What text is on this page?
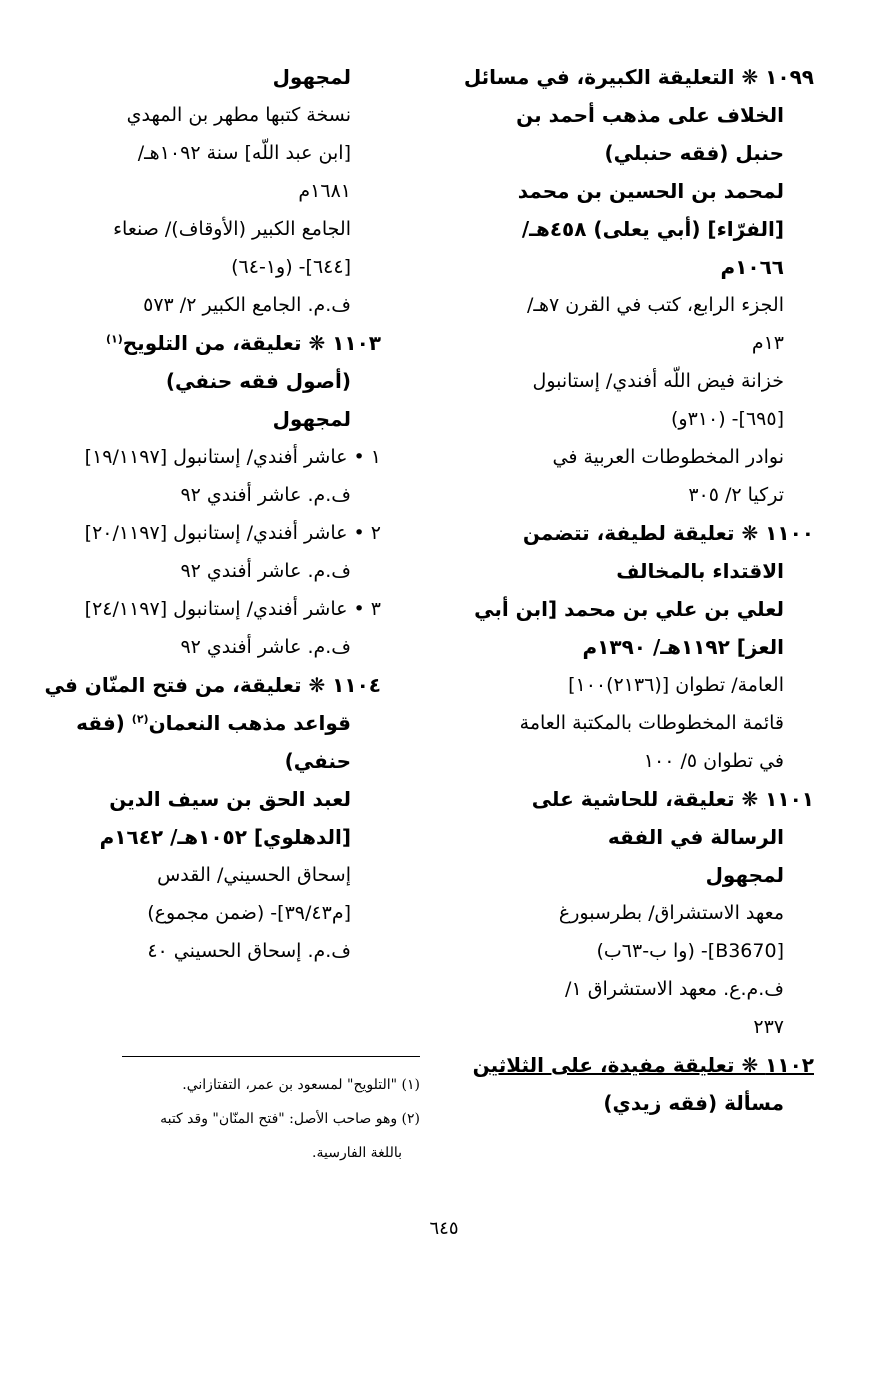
١٠٩٩ ❋ التعليقة الكبيرة، في مسائل
الخلاف على مذهب أحمد بن
حنبل (فقه حنبلي)
لمحمد بن الحسين بن محمد
[الفرّاء] (أبي يعلى) ٤٥٨هـ/
١٠٦٦م
الجزء الرابع، كتب في القرن ٧هـ/
١٣م
خزانة فيض اللّه أفندي/ إستانبول
[٦٩٥]- (٣١٠و)
نوادر المخطوطات العربية في
تركيا ٢/ ٣٠٥
١١٠٠ ❋ تعليقة لطيفة، تتضمن
الاقتداء بالمخالف
لعلي بن علي بن محمد [ابن أبي
العز] ١١٩٢هـ/ ١٣٩٠م
العامة/ تطوان [(٢١٣٦)١٠٠]
قائمة المخطوطات بالمكتبة العامة
في تطوان ٥/ ١٠٠
١١٠١ ❋ تعليقة، للحاشية على
الرسالة في الفقه
لمجهول
معهد الاستشراق/ بطرسبورغ
[B3670]- (وا ب-٦٣ب)
ف.م.ع. معهد الاستشراق ١/
٢٣٧
١١٠٢ ❋ تعليقة مفيدة، على الثلاثين
مسألة (فقه زيدي)
لمجهول
نسخة كتبها مطهر بن المهدي
[ابن عبد اللّه] سنة ١٠٩٢هـ/
١٦٨١م
الجامع الكبير (الأوقاف)/ صنعاء
[٦٤٤]- (و١-٦٤)
ف.م. الجامع الكبير ٢/ ٥٧٣
١١٠٣ ❋ تعليقة، من التلويح$^{(١)}$
(أصول فقه حنفي)
لمجهول
١ • عاشر أفندي/ إستانبول [١٩/١١٩٧]
ف.م. عاشر أفندي ٩٢
٢ • عاشر أفندي/ إستانبول [٢٠/١١٩٧]
ف.م. عاشر أفندي ٩٢
٣ • عاشر أفندي/ إستانبول [٢٤/١١٩٧]
ف.م. عاشر أفندي ٩٢
١١٠٤ ❋ تعليقة، من فتح المنّان في
قواعد مذهب النعمان$^{(٢)}$ (فقه
حنفي)
لعبد الحق بن سيف الدين
[الدهلوي] ١٠٥٢هـ/ ١٦٤٢م
إسحاق الحسيني/ القدس
[م٣٩/٤٣]- (ضمن مجموع)
ف.م. إسحاق الحسيني ٤٠
(١) "التلويح" لمسعود بن عمر، التفتازاني.
(٢) وهو صاحب الأصل: "فتح المنّان" وقد كتبه
باللغة الفارسية.
٦٤٥
